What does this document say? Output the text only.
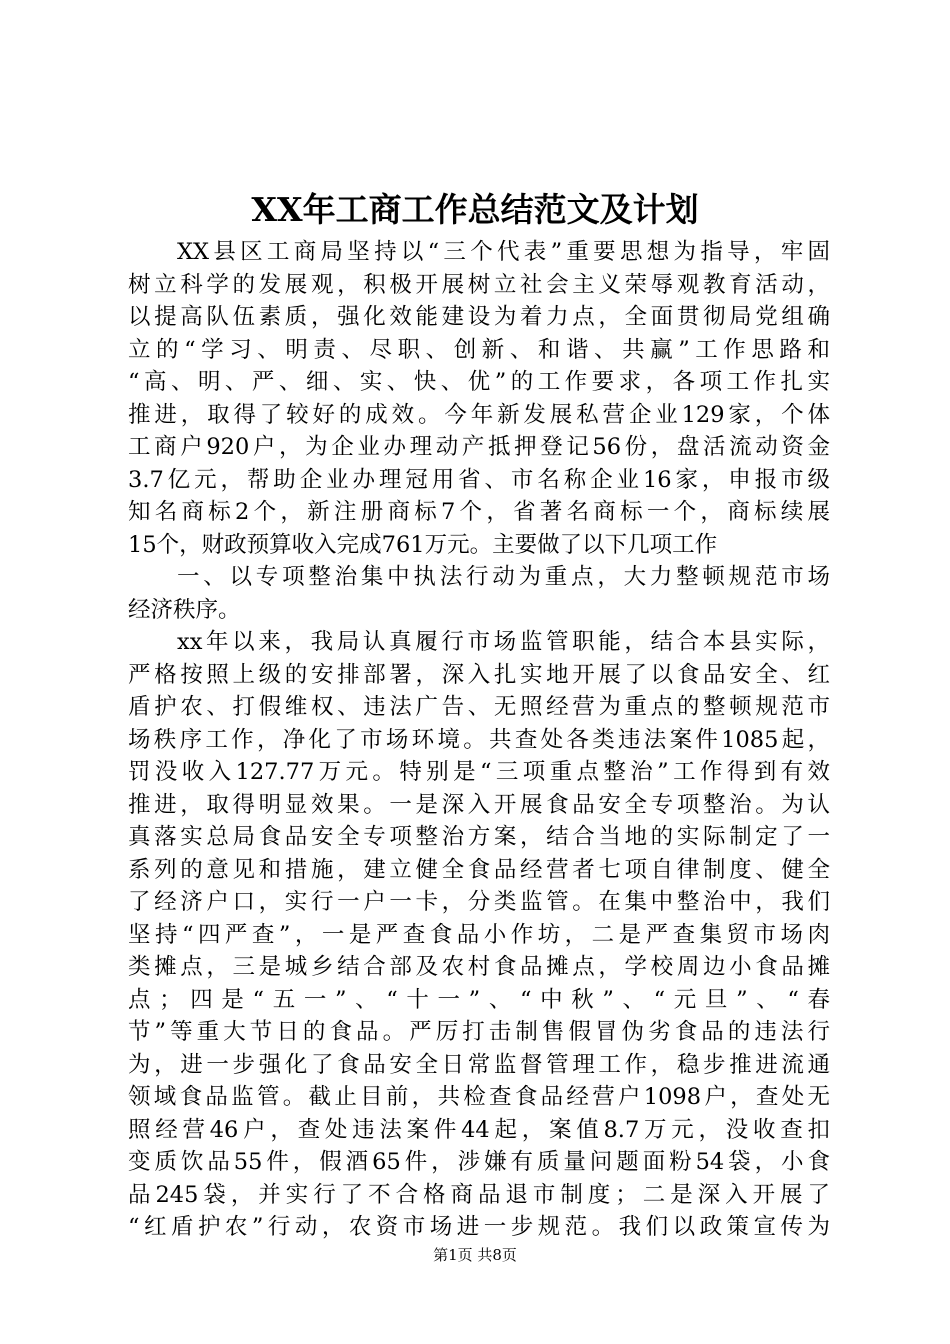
XX年工商工作总结范文及计划
XX县区工商局坚持以“三个代表”重要思想为指导，牢固
树立科学的发展观，积极开展树立社会主义荣辱观教育活动，
以提高队伍素质，强化效能建设为着力点，全面贯彻局党组确
立的“学习、明责、尽职、创新、和谐、共赢”工作思路和
“高、明、严、细、实、快、优”的工作要求，各项工作扎实
推进，取得了较好的成效。今年新发展私营企业129家，个体
工商户920户，为企业办理动产抵押登记56份，盘活流动资金
3.7亿元，帮助企业办理冠用省、市名称企业16家，申报市级
知名商标2个，新注册商标7个，省著名商标一个，商标续展
15个，财政预算收入完成761万元。主要做了以下几项工作
一、以专项整治集中执法行动为重点，大力整顿规范市场
经济秩序。
xx年以来，我局认真履行市场监管职能，结合本县实际，
严格按照上级的安排部署，深入扎实地开展了以食品安全、红
盾护农、打假维权、违法广告、无照经营为重点的整顿规范市
场秩序工作，净化了市场环境。共查处各类违法案件1085起，
罚没收入127.77万元。特别是“三项重点整治”工作得到有效
推进，取得明显效果。一是深入开展食品安全专项整治。为认
真落实总局食品安全专项整治方案，结合当地的实际制定了一
系列的意见和措施，建立健全食品经营者七项自律制度、健全
了经济户口，实行一户一卡，分类监管。在集中整治中，我们
坚持“四严查”，一是严查食品小作坊，二是严查集贸市场肉
类摊点，三是城乡结合部及农村食品摊点，学校周边小食品摊
点；四是“五一”、“十一”、“中秋”、“元旦”、“春
节”等重大节日的食品。严厉打击制售假冒伪劣食品的违法行
为，进一步强化了食品安全日常监督管理工作，稳步推进流通
领域食品监管。截止目前，共检查食品经营户1098户，查处无
照经营46户，查处违法案件44起，案值8.7万元，没收查扣
变质饮品55件，假酒65件，涉嫌有质量问题面粉54袋，小食
品245袋，并实行了不合格商品退市制度；二是深入开展了
“红盾护农”行动，农资市场进一步规范。我们以政策宣传为
第1页 共8页
